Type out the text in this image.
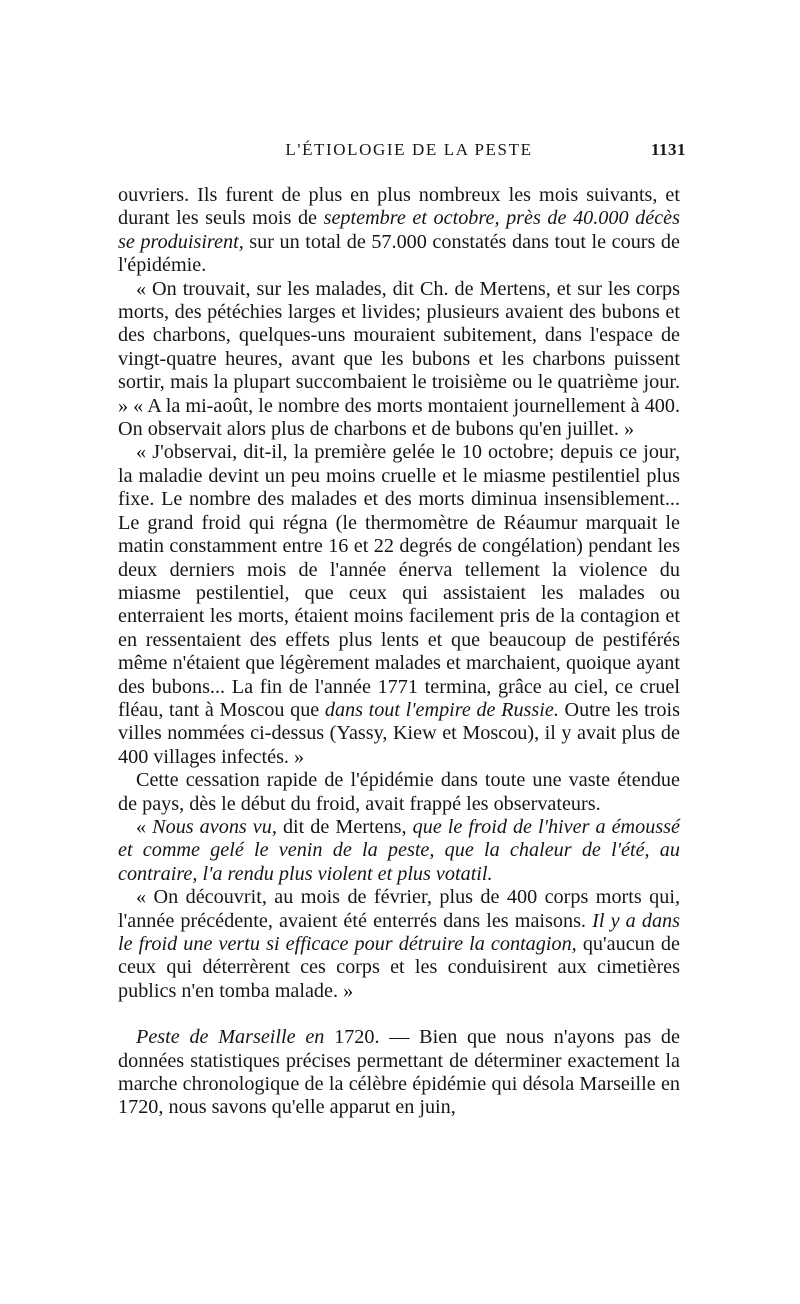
L'ÉTIOLOGIE DE LA PESTE	1131

ouvriers. Ils furent de plus en plus nombreux les mois suivants, et durant les seuls mois de septembre et octobre, près de 40.000 décès se produisirent, sur un total de 57.000 constatés dans tout le cours de l'épidémie.

« On trouvait, sur les malades, dit Ch. de Mertens, et sur les corps morts, des pétéchies larges et livides; plusieurs avaient des bubons et des charbons, quelques-uns mouraient subitement, dans l'espace de vingt-quatre heures, avant que les bubons et les charbons puissent sortir, mais la plupart succombaient le troisième ou le quatrième jour. » « A la mi-août, le nombre des morts montaient journellement à 400. On observait alors plus de charbons et de bubons qu'en juillet. »

« J'observai, dit-il, la première gelée le 10 octobre; depuis ce jour, la maladie devint un peu moins cruelle et le miasme pestilentiel plus fixe. Le nombre des malades et des morts diminua insensiblement... Le grand froid qui régna (le thermomètre de Réaumur marquait le matin constamment entre 16 et 22 degrés de congélation) pendant les deux derniers mois de l'année énerva tellement la violence du miasme pestilentiel, que ceux qui assistaient les malades ou enterraient les morts, étaient moins facilement pris de la contagion et en ressentaient des effets plus lents et que beaucoup de pestiférés même n'étaient que légèrement malades et marchaient, quoique ayant des bubons... La fin de l'année 1771 termina, grâce au ciel, ce cruel fléau, tant à Moscou que dans tout l'empire de Russie. Outre les trois villes nommées ci-dessus (Yassy, Kiew et Moscou), il y avait plus de 400 villages infectés. »

Cette cessation rapide de l'épidémie dans toute une vaste étendue de pays, dès le début du froid, avait frappé les observateurs.

« Nous avons vu, dit de Mertens, que le froid de l'hiver a émoussé et comme gelé le venin de la peste, que la chaleur de l'été, au contraire, l'a rendu plus violent et plus votatil.

« On découvrit, au mois de février, plus de 400 corps morts qui, l'année précédente, avaient été enterrés dans les maisons. Il y a dans le froid une vertu si efficace pour détruire la contagion, qu'aucun de ceux qui déterrèrent ces corps et les conduisirent aux cimetières publics n'en tomba malade. »

Peste de Marseille en 1720. — Bien que nous n'ayons pas de données statistiques précises permettant de déterminer exactement la marche chronologique de la célèbre épidémie qui désola Marseille en 1720, nous savons qu'elle apparut en juin,
